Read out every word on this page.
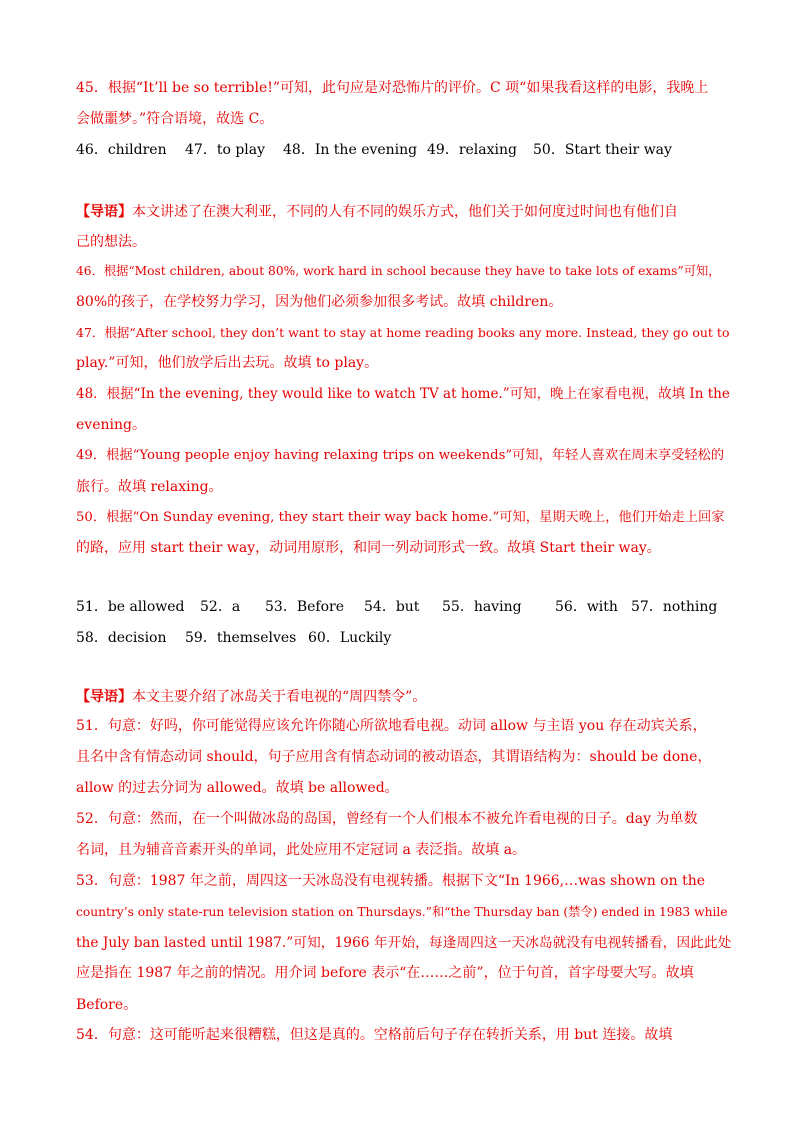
45．根据“It’ll be so terrible!”可知，此句应是对恐怖片的评价。C 项“如果我看这样的电影，我晚上
会做噩梦。”符合语境，故选 C。
46．children 47．to play 48．In the evening 49．relaxing 50．Start their way
【导语】本文讲述了在澳大利亚，不同的人有不同的娱乐方式，他们关于如何度过时间也有他们自
己的想法。
46．根据“Most children, about 80%, work hard in school because they have to take lots of exams”可知，
80%的孩子，在学校努力学习，因为他们必须参加很多考试。故填 children。
47．根据“After school, they don’t want to stay at home reading books any more. Instead, they go out to
play.”可知，他们放学后出去玩。故填 to play。
48．根据“In the evening, they would like to watch TV at home.”可知，晚上在家看电视，故填 In the
evening。
49．根据“Young people enjoy having relaxing trips on weekends”可知，年轻人喜欢在周末享受轻松的
旅行。故填 relaxing。
50．根据“On Sunday evening, they start their way back home.”可知，星期天晚上，他们开始走上回家
的路，应用 start their way，动词用原形，和同一列动词形式一致。故填 Start their way。
51．be allowed 52．a 53．Before 54．but 55．having 56．with 57．nothing
58．decision 59．themselves 60．Luckily
【导语】本文主要介绍了冰岛关于看电视的“周四禁令”。
51．句意：好吗，你可能觉得应该允许你随心所欲地看电视。动词 allow 与主语 you 存在动宾关系，
且名中含有情态动词 should，句子应用含有情态动词的被动语态，其谓语结构为：should be done，
allow 的过去分词为 allowed。故填 be allowed。
52．句意：然而，在一个叫做冰岛的岛国，曾经有一个人们根本不被允许看电视的日子。day 为单数
名词，且为辅音音素开头的单词，此处应用不定冠词 a 表泛指。故填 a。
53．句意：1987 年之前，周四这一天冰岛没有电视转播。根据下文“In 1966,…was shown on the
country’s only state-run television station on Thursdays.”和“the Thursday ban (禁令) ended in 1983 while
the July ban lasted until 1987.”可知，1966 年开始，每逢周四这一天冰岛就没有电视转播看，因此此处
应是指在 1987 年之前的情况。用介词 before 表示“在……之前”，位于句首，首字母要大写。故填
Before。
54．句意：这可能听起来很糟糕，但这是真的。空格前后句子存在转折关系，用 but 连接。故填
